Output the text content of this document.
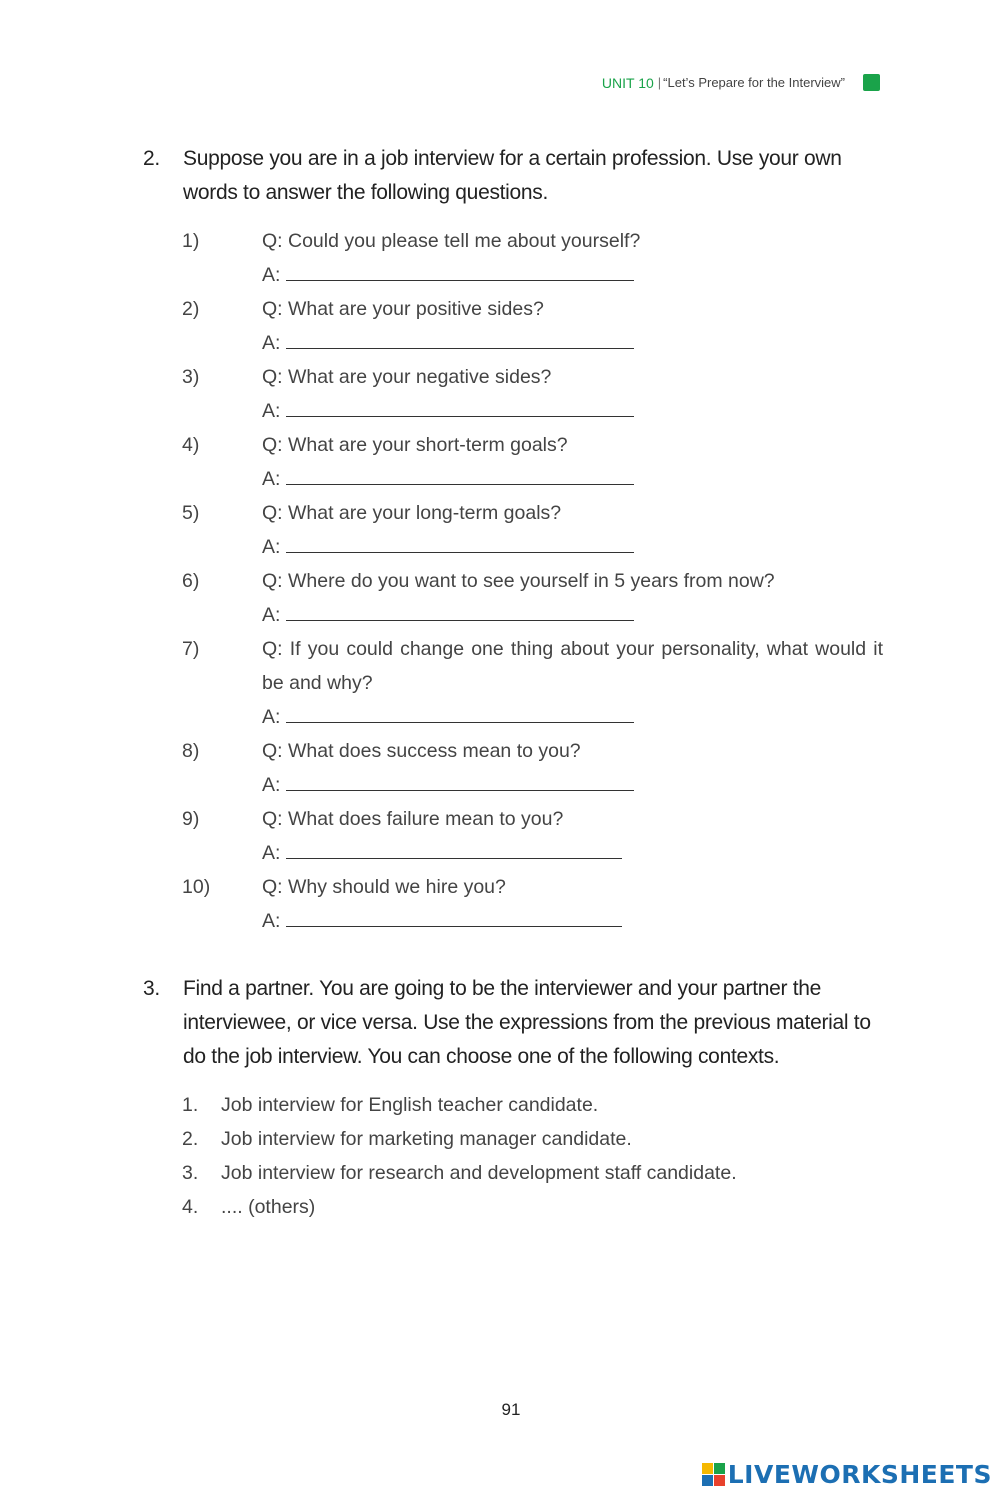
UNIT 10 | “Let’s Prepare for the Interview”
2.	Suppose you are in a job interview for a certain profession. Use your own words to answer the following questions.
1)	Q: Could you please tell me about yourself?
A:
2)	Q: What are your positive sides?
A:
3)	Q: What are your negative sides?
A:
4)	Q: What are your short-term goals?
A:
5)	Q: What are your long-term goals?
A:
6)	Q: Where do you want to see yourself in 5 years from now?
A:
7)	Q: If you could change one thing about your personality, what would it be and why?
A:
8)	Q: What does success mean to you?
A:
9)	Q: What does failure mean to you?
A:
10)	Q: Why should we hire you?
A:
3.	Find a partner. You are going to be the interviewer and your partner the interviewee, or vice versa. Use the expressions from the previous material to do the job interview. You can choose one of the following contexts.
1.	Job interview for English teacher candidate.
2.	Job interview for marketing manager candidate.
3.	Job interview for research and development staff candidate.
4.	.... (others)
91
LIVEWORKSHEETS
